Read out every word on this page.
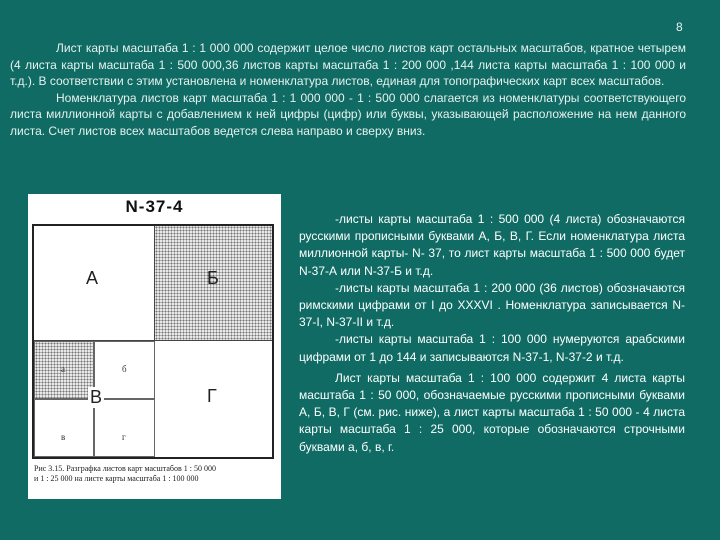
8

Лист карты масштаба 1 : 1 000 000 содержит целое число листов карт остальных масштабов, кратное четырем (4 листа карты масштаба 1 : 500 000,36 листов карты масштаба 1 : 200 000 ,144 листа карты масштаба 1 : 100 000 и т.д.). В соответствии с этим установлена и номенклатура листов, единая для топографических карт всех масштабов.

Номенклатура листов карт масштаба 1 : 1 000 000 - 1 : 500 000 слагается из номенклатуры соответствующего листа миллионной карты с добавлением к ней цифры (цифр) или буквы, указывающей расположение на нем данного листа. Счет листов всех масштабов ведется слева направо и сверху вниз.

N-37-4
А	Б
а	б
в	г
В	Г
Рис 3.15. Разграфка листов карт масштабов 1 : 50 000
и 1 : 25 000 на листе карты масштаба 1 : 100 000

-листы карты масштаба 1 : 500 000 (4 листа) обозначаются русскими прописными буквами А, Б, В, Г. Если номенклатура листа миллионной карты- N- 37, то лист карты масштаба 1 : 500 000 будет N-37-А или N-37-Б и т.д.

-листы карты масштаба 1 : 200 000 (36 листов) обозначаются римскими цифрами от I до XXXVI . Номенклатура записывается N-37-I, N-37-II и т.д.

-листы карты масштаба 1 : 100 000 нумеруются арабскими цифрами от 1 до 144 и записываются N-37-1, N-37-2 и т.д.

Лист карты масштаба 1 : 100 000 содержит 4 листа карты масштаба 1 : 50 000, обозначаемые русскими прописными буквами А, Б, В, Г (см. рис. ниже), а лист карты масштаба 1 : 50 000 - 4 листа карты масштаба 1 : 25 000, которые обозначаются строчными буквами а, б, в, г.
